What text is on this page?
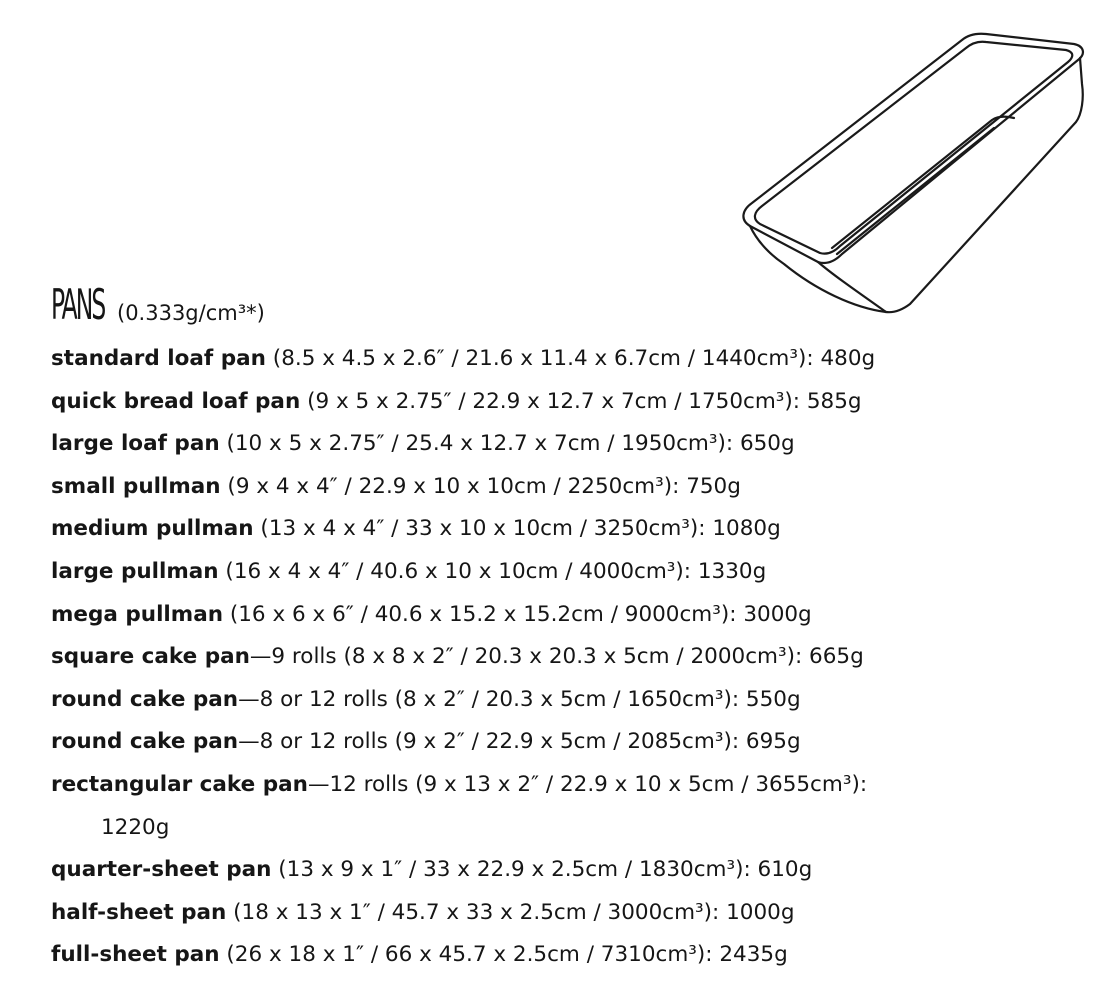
PANS (0.333g/cm³*)
standard loaf pan (8.5 x 4.5 x 2.6″ / 21.6 x 11.4 x 6.7cm / 1440cm³): 480g
quick bread loaf pan (9 x 5 x 2.75″ / 22.9 x 12.7 x 7cm / 1750cm³): 585g
large loaf pan (10 x 5 x 2.75″ / 25.4 x 12.7 x 7cm / 1950cm³): 650g
small pullman (9 x 4 x 4″ / 22.9 x 10 x 10cm / 2250cm³): 750g
medium pullman (13 x 4 x 4″ / 33 x 10 x 10cm / 3250cm³): 1080g
large pullman (16 x 4 x 4″ / 40.6 x 10 x 10cm / 4000cm³): 1330g
mega pullman (16 x 6 x 6″ / 40.6 x 15.2 x 15.2cm / 9000cm³): 3000g
square cake pan—9 rolls (8 x 8 x 2″ / 20.3 x 20.3 x 5cm / 2000cm³): 665g
round cake pan—8 or 12 rolls (8 x 2″ / 20.3 x 5cm / 1650cm³): 550g
round cake pan—8 or 12 rolls (9 x 2″ / 22.9 x 5cm / 2085cm³): 695g
rectangular cake pan—12 rolls (9 x 13 x 2″ / 22.9 x 10 x 5cm / 3655cm³):
1220g
quarter-sheet pan (13 x 9 x 1″ / 33 x 22.9 x 2.5cm / 1830cm³): 610g
half-sheet pan (18 x 13 x 1″ / 45.7 x 33 x 2.5cm / 3000cm³): 1000g
full-sheet pan (26 x 18 x 1″ / 66 x 45.7 x 2.5cm / 7310cm³): 2435g
